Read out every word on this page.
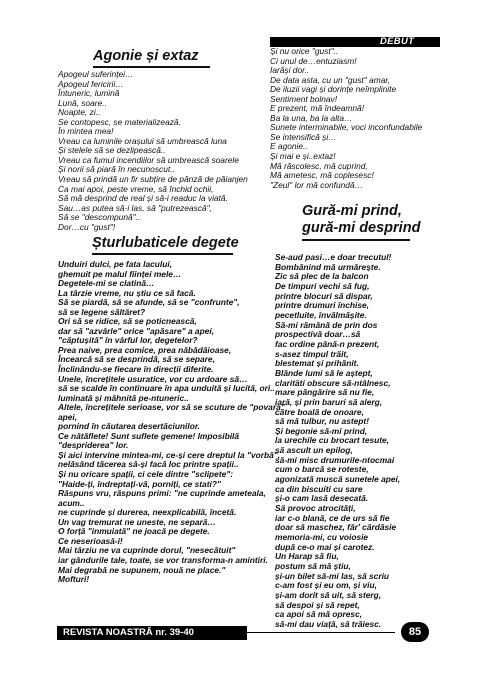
DEBUT
Agonie și extaz
Apogeul suferinței…
Apogeul fericirii…
Întuneric, lumină
Lună, soare..
Noapte, zi..
Se contopesc, se materializează.
În mintea mea!
Vreau ca luminile orașului să umbrească luna
Și stelele să se dezlipească..
Vreau ca fumul incendiilor să umbrească soarele
Și norii să piară în necunoscut..
Vreau să prindă un fir subțire de pânză de păianjen
Ca mai apoi, peste vreme, să închid ochii,
Să mă desprind de real și să-i readuc la viată.
Sau…as putea să-i las, să "putrezească",
Să se "descompună"..
Dor…cu "gust"!
Șturlubaticele degete
Unduiri dulci, pe fata lacului,
ghemuit pe malul ființei mele…
Degetele-mi se clatină…
La târzie vreme, nu știu ce să facă.
Să se piardă, să se afunde, să se "confrunte",
să se legene săltăret?
Ori să se ridice, să se poticnească,
dar să "azvârle" orice "apăsare" a apei,
"căptușită" în vârful lor, degetelor?
Prea naive, prea comice, prea năbădăioase,
Încearcă să se desprindă, să se separe,
Înclinându-se fiecare în direcții diferite.
Unele, încrețitele usuratice, vor cu ardoare să…
să se scalde în continuare în apa unduită și lucită, ori..
luminată și mâhnită pe-ntuneric..
Altele, încrețitele serioase, vor să se scuture de "povara"
apei,
pornind în căutarea desertăciunilor.
Ce nătăflete! Sunt suflete gemene! Imposibilă
"despriderea" lor.
Și aici intervine mintea-mi, ce-și cere dreptul la "vorbă",
nelăsând tăcerea să-și facă loc printre spații..
Și nu oricare spații, ci cele dintre "sclipete":
"Haide-ți, îndreptați-vă, porniți, ce stati?"
Răspuns vru, răspuns primi: "ne cuprinde ameteala,
acum..
ne cuprinde și durerea, neexplicabilă, încetă.
Un vag tremurat ne uneste, ne separă…
O forță "inmuiată" ne joacă pe degete.
Ce neserioasă-i!
Mai târziu ne va cuprinde dorul, "nesecătuit"
iar gândurile tale, toate, se vor transforma-n amintiri.
Mai degrabă ne supunem, nouă ne place."
Mofturi!
Și nu orice "gust"..
Ci unul de…entuziasm!
Iarăși dor..
De data asta, cu un "gust" amar,
De iluzii vagi și dorințe neîmplinite
Sentiment bolnav!
E prezent, mă îndeamnă!
Ba la una, ba la alta…
Sunete interminabile, voci inconfundabile
Se intensifică și…
E agonie..
Și mai e și..extaz!
Mă răscolesc, mă cuprind,
Mă ametesc, mă coplesesc!
"Zeul" lor mă confundă…
Gură-mi prind,
gură-mi desprind
Se-aud pasi…e doar trecutul!
Bombănind mă urmărește.
Zic să plec de la balcon
De timpuri vechi să fug,
printre blocuri să dispar,
printre drumuri închise,
pecetluite, învălmășite.
Să-mi rămână de prin dos
prospectivă doar…să
fac ordine până-n prezent,
s-asez timpul trăit,
blestemat și prihănit.
Blânde lumi să le aștept,
claritäti obscure să-ntâlnesc,
mare păngărire să nu fie,
iară, și prin baruri să alerg,
către boală de onoare,
să mă tulbur, nu astept!
Și begonie să-mi prind,
la urechile cu brocart tesute,
să ascult un epilog,
să-mi misc drumurile-ntocmai
cum o barcă se roteste,
agonizată muscă sunetele apei,
ca din biscuiti cu sare
și-o cam lasă desecată.
Să provoc atrocități,
iar c-o blană, ce de urs să fie
doar să maschez, făr' cărdăsie
memoria-mi, cu voiosie
după ce-o mai și carotez.
Un Harap să fiu,
postum să mă știu,
și-un bilet să-mi las, să scriu
c-am fost și eu om, și viu,
și-am dorit să uit, să sterg,
să despoi și să repet,
ca apoi să mă opresc,
să-mi dau viață, să trăiesc.
REVISTA NOASTRĂ nr. 39-40	85
